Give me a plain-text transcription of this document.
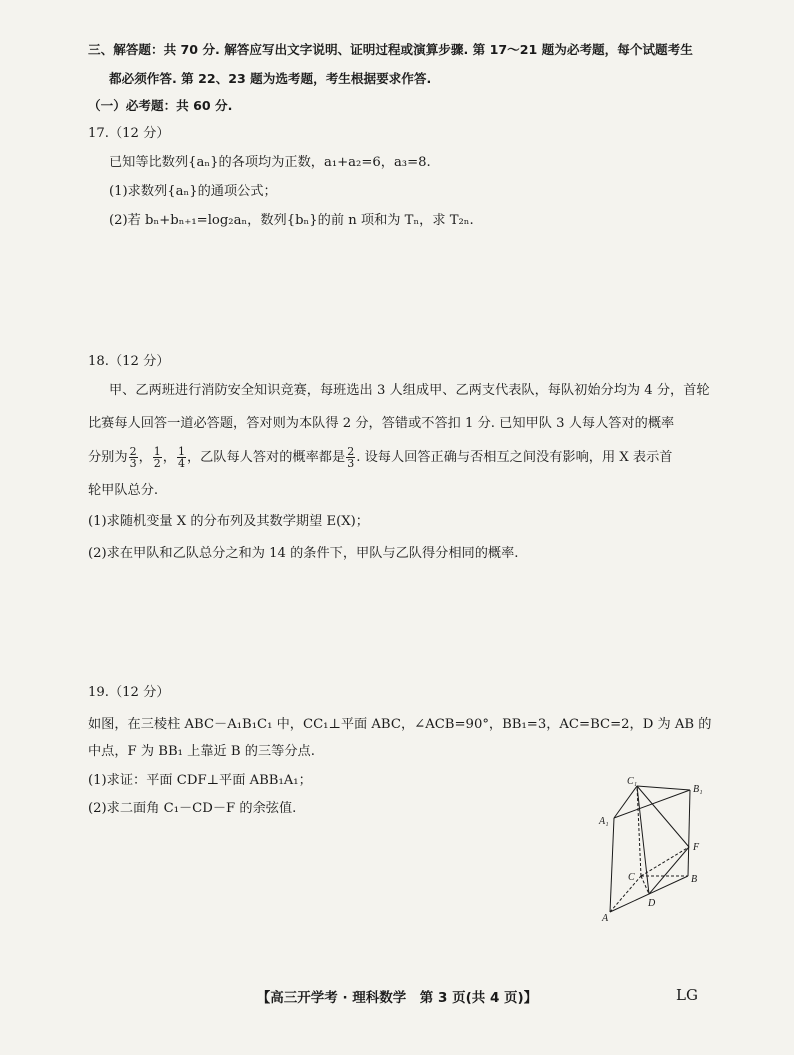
三、解答题：共 70 分. 解答应写出文字说明、证明过程或演算步骤. 第 17～21 题为必考题，每个试题考生
都必须作答. 第 22、23 题为选考题，考生根据要求作答.
（一）必考题：共 60 分.
17.（12 分）
已知等比数列{aₙ}的各项均为正数，a₁+a₂=6，a₃=8.
(1)求数列{aₙ}的通项公式；
(2)若 bₙ+bₙ₊₁=log₂aₙ，数列{bₙ}的前 n 项和为 Tₙ，求 T₂ₙ.
18.（12 分）
甲、乙两班进行消防安全知识竞赛，每班选出 3 人组成甲、乙两支代表队，每队初始分均为 4 分，首轮
比赛每人回答一道必答题，答对则为本队得 2 分，答错或不答扣 1 分. 已知甲队 3 人每人答对的概率
分别为 $\frac{2}{3}$ ， $\frac{1}{2}$ ， $\frac{1}{4}$ ，乙队每人答对的概率都是 $\frac{2}{3}$ . 设每人回答正确与否相互之间没有影响，用 X 表示首
轮甲队总分.
(1)求随机变量 X 的分布列及其数学期望 E(X)；
(2)求在甲队和乙队总分之和为 14 的条件下，甲队与乙队得分相同的概率.
19.（12 分）
如图，在三棱柱 ABC－A₁B₁C₁ 中，CC₁⊥平面 ABC，∠ACB=90°，BB₁=3，AC=BC=2，D 为 AB 的
中点，F 为 BB₁ 上靠近 B 的三等分点.
(1)求证：平面 CDF⊥平面 ABB₁A₁；
(2)求二面角 C₁－CD－F 的余弦值.
C₁
B₁
A₁
F
C	B
A
D
【高三开学考 · 理科数学　第 3 页(共 4 页)】	LG
